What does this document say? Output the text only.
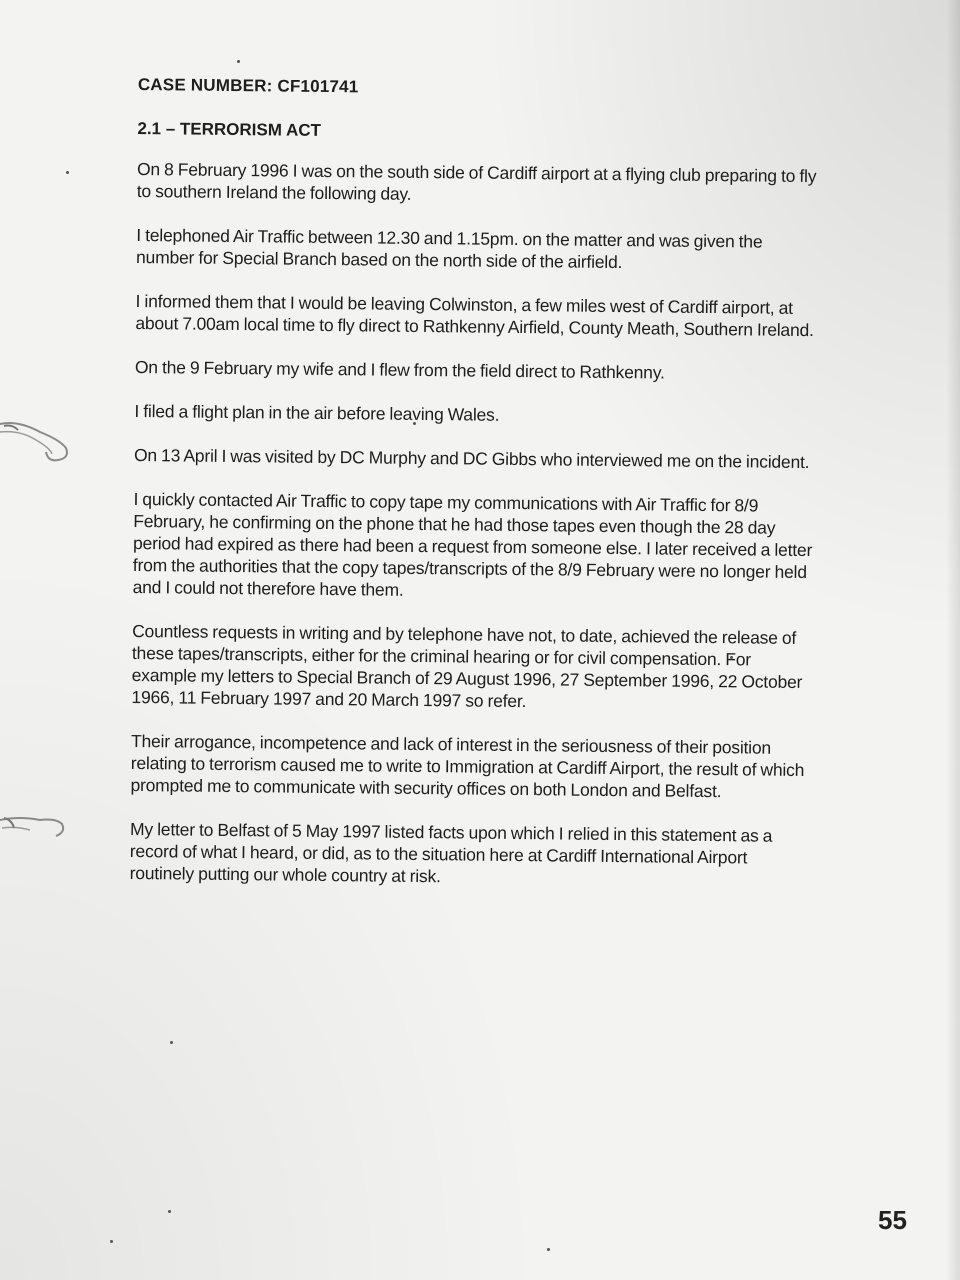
CASE NUMBER: CF101741
2.1 – TERRORISM ACT

On 8 February 1996 I was on the south side of Cardiff airport at a flying club preparing to fly to southern Ireland the following day.

I telephoned Air Traffic between 12.30 and 1.15pm. on the matter and was given the number for Special Branch based on the north side of the airfield.

I informed them that I would be leaving Colwinston, a few miles west of Cardiff airport, at about 7.00am local time to fly direct to Rathkenny Airfield, County Meath, Southern Ireland.

On the 9 February my wife and I flew from the field direct to Rathkenny.

I filed a flight plan in the air before leaving Wales.

On 13 April I was visited by DC Murphy and DC Gibbs who interviewed me on the incident.

I quickly contacted Air Traffic to copy tape my communications with Air Traffic for 8/9 February, he confirming on the phone that he had those tapes even though the 28 day period had expired as there had been a request from someone else. I later received a letter from the authorities that the copy tapes/transcripts of the 8/9 February were no longer held and I could not therefore have them.

Countless requests in writing and by telephone have not, to date, achieved the release of these tapes/transcripts, either for the criminal hearing or for civil compensation. For example my letters to Special Branch of 29 August 1996, 27 September 1996, 22 October 1966, 11 February 1997 and 20 March 1997 so refer.

Their arrogance, incompetence and lack of interest in the seriousness of their position relating to terrorism caused me to write to Immigration at Cardiff Airport, the result of which prompted me to communicate with security offices on both London and Belfast.

My letter to Belfast of 5 May 1997 listed facts upon which I relied in this statement as a record of what I heard, or did, as to the situation here at Cardiff International Airport routinely putting our whole country at risk.

55
